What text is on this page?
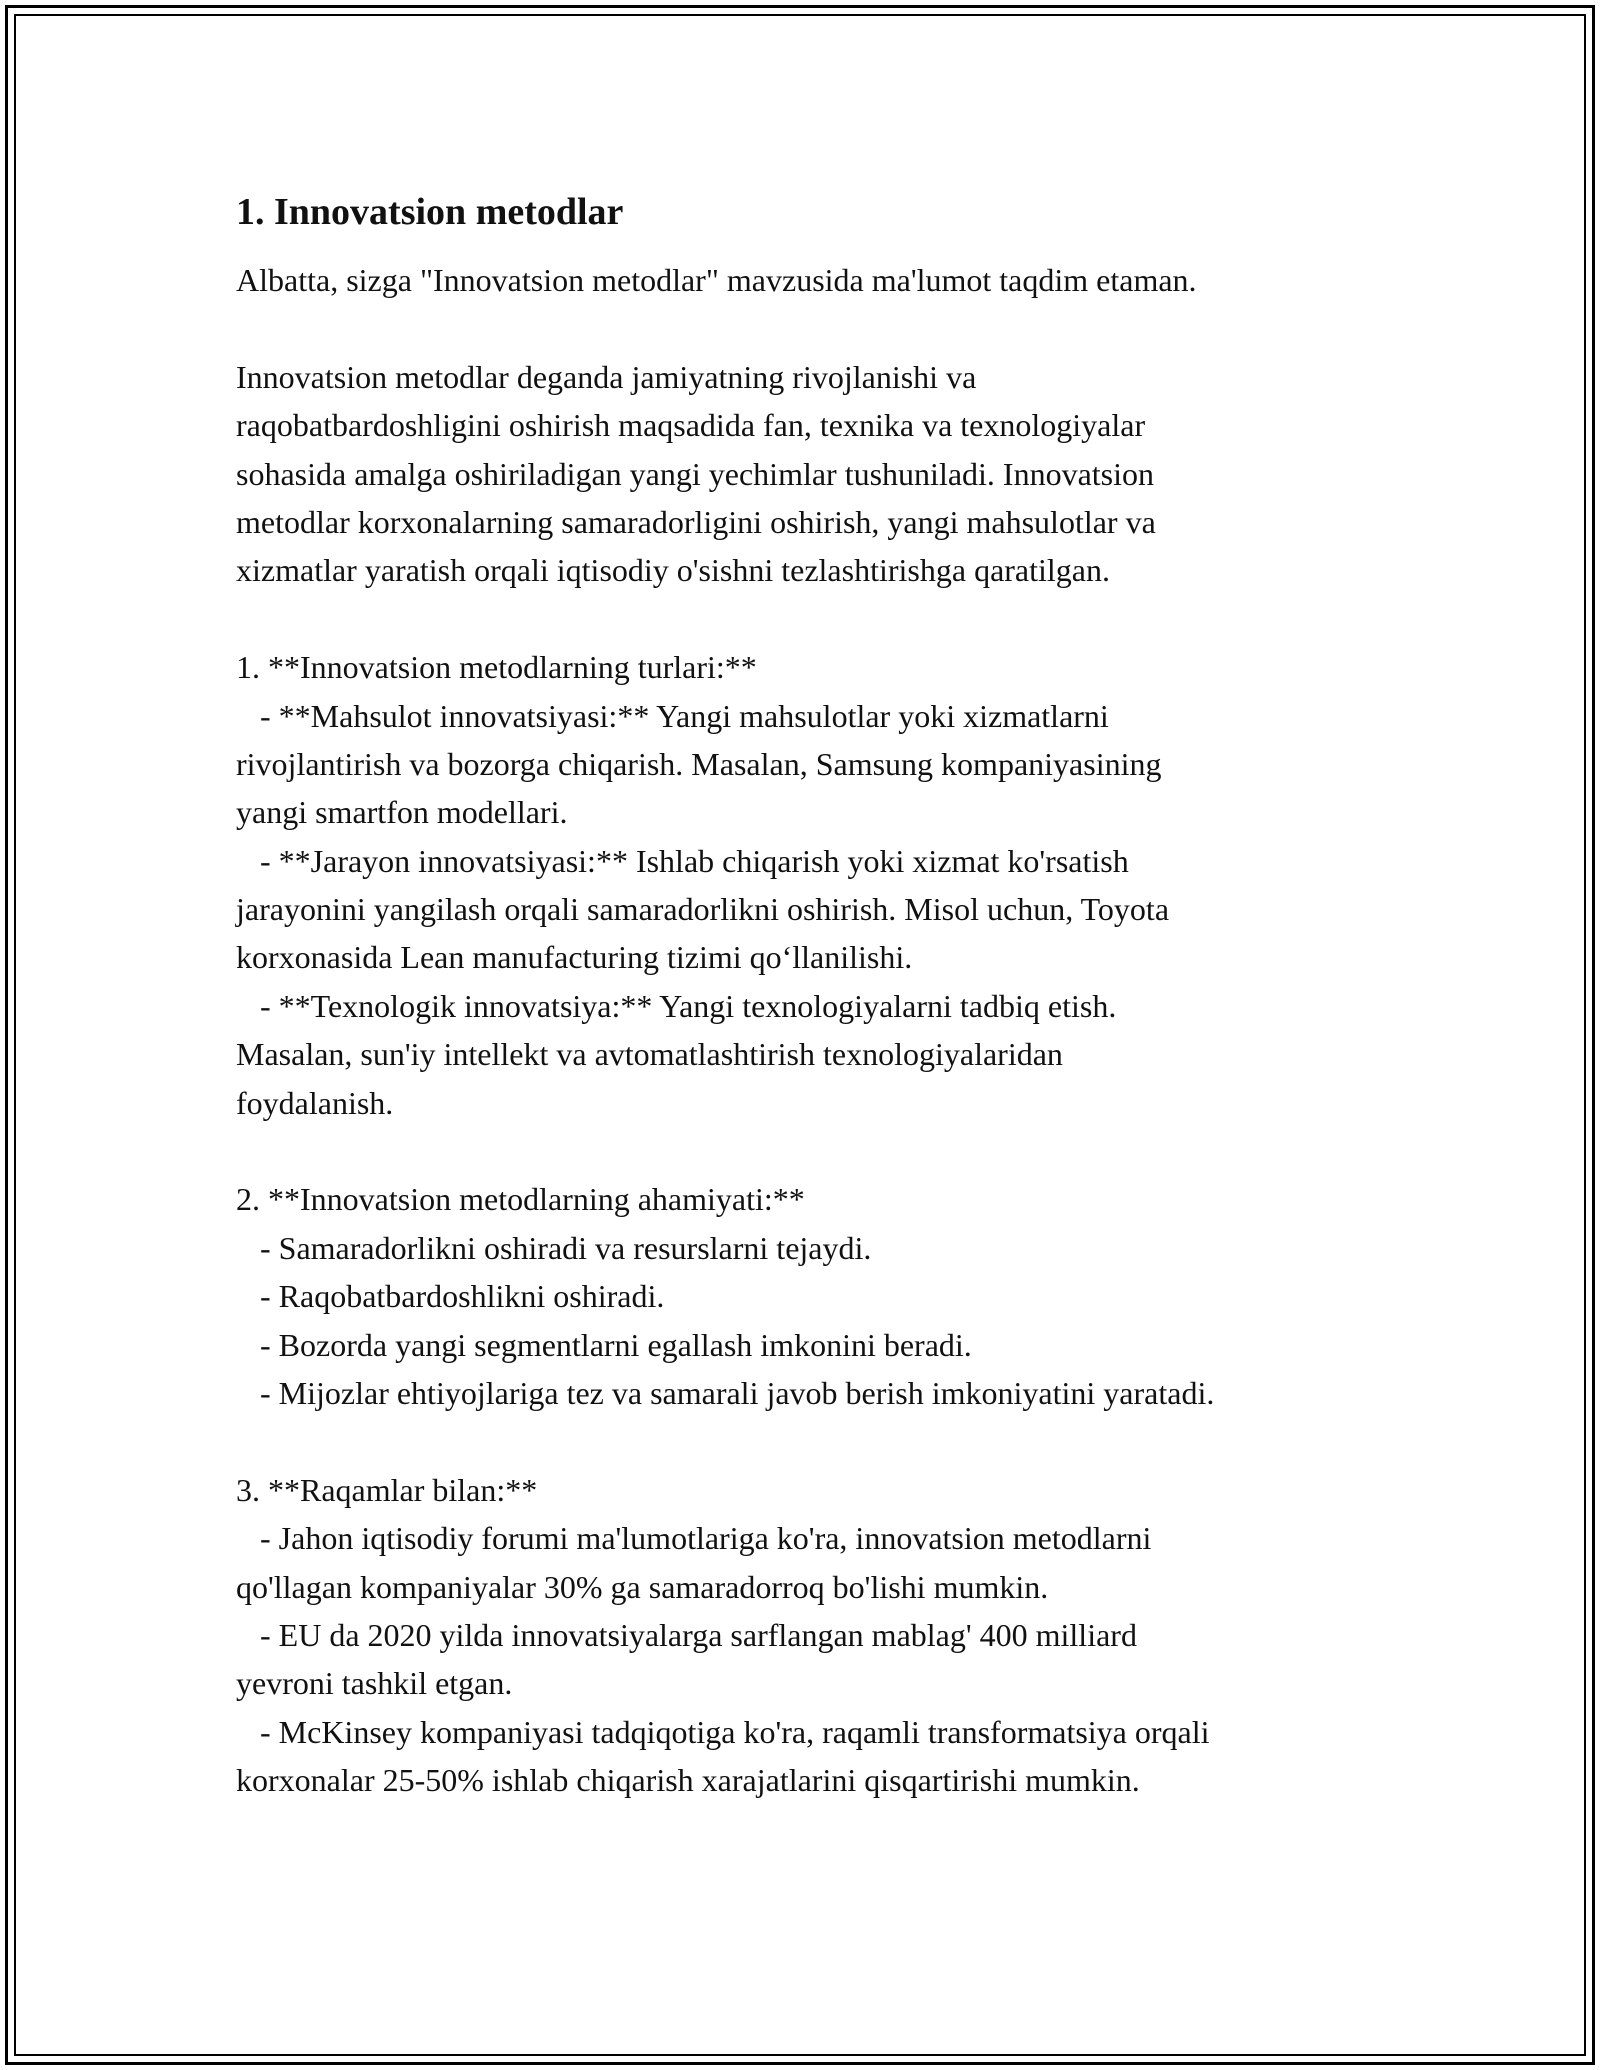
1. Innovatsion metodlar
Albatta, sizga "Innovatsion metodlar" mavzusida ma'lumot taqdim etaman.
Innovatsion metodlar deganda jamiyatning rivojlanishi va
raqobatbardoshligini oshirish maqsadida fan, texnika va texnologiyalar
sohasida amalga oshiriladigan yangi yechimlar tushuniladi. Innovatsion
metodlar korxonalarning samaradorligini oshirish, yangi mahsulotlar va
xizmatlar yaratish orqali iqtisodiy o'sishni tezlashtirishga qaratilgan.
1. **Innovatsion metodlarning turlari:**
- **Mahsulot innovatsiyasi:** Yangi mahsulotlar yoki xizmatlarni
rivojlantirish va bozorga chiqarish. Masalan, Samsung kompaniyasining
yangi smartfon modellari.
- **Jarayon innovatsiyasi:** Ishlab chiqarish yoki xizmat ko'rsatish
jarayonini yangilash orqali samaradorlikni oshirish. Misol uchun, Toyota
korxonasida Lean manufacturing tizimi qo‘llanilishi.
- **Texnologik innovatsiya:** Yangi texnologiyalarni tadbiq etish.
Masalan, sun'iy intellekt va avtomatlashtirish texnologiyalaridan
foydalanish.
2. **Innovatsion metodlarning ahamiyati:**
- Samaradorlikni oshiradi va resurslarni tejaydi.
- Raqobatbardoshlikni oshiradi.
- Bozorda yangi segmentlarni egallash imkonini beradi.
- Mijozlar ehtiyojlariga tez va samarali javob berish imkoniyatini yaratadi.
3. **Raqamlar bilan:**
- Jahon iqtisodiy forumi ma'lumotlariga ko'ra, innovatsion metodlarni
qo'llagan kompaniyalar 30% ga samaradorroq bo'lishi mumkin.
- EU da 2020 yilda innovatsiyalarga sarflangan mablag' 400 milliard
yevroni tashkil etgan.
- McKinsey kompaniyasi tadqiqotiga ko'ra, raqamli transformatsiya orqali
korxonalar 25-50% ishlab chiqarish xarajatlarini qisqartirishi mumkin.
